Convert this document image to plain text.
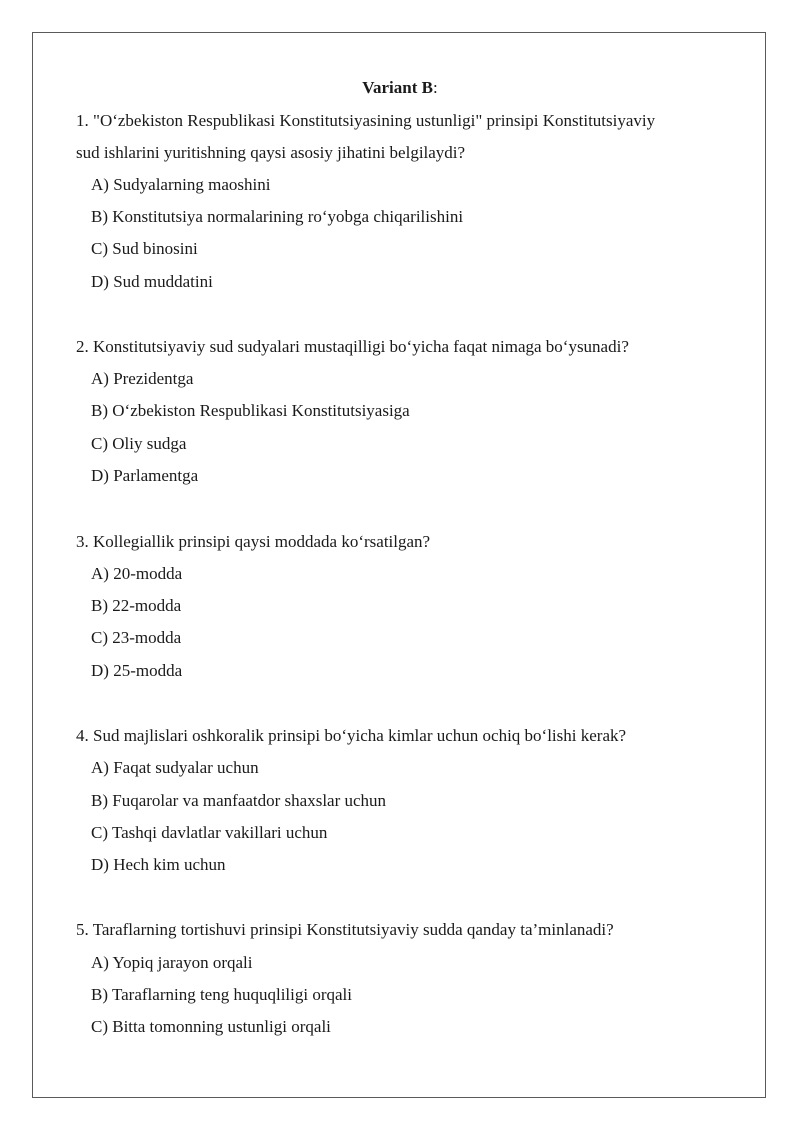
Variant B:
1. "O‘zbekiston Respublikasi Konstitutsiyasining ustunligi" prinsipi Konstitutsiyaviy
sud ishlarini yuritishning qaysi asosiy jihatini belgilaydi?
A) Sudyalarning maoshini
B) Konstitutsiya normalarining ro‘yobga chiqarilishini
C) Sud binosini
D) Sud muddatini
2. Konstitutsiyaviy sud sudyalari mustaqilligi bo‘yicha faqat nimaga bo‘ysunadi?
A) Prezidentga
B) O‘zbekiston Respublikasi Konstitutsiyasiga
C) Oliy sudga
D) Parlamentga
3. Kollegiallik prinsipi qaysi moddada ko‘rsatilgan?
A) 20-modda
B) 22-modda
C) 23-modda
D) 25-modda
4. Sud majlislari oshkoralik prinsipi bo‘yicha kimlar uchun ochiq bo‘lishi kerak?
A) Faqat sudyalar uchun
B) Fuqarolar va manfaatdor shaxslar uchun
C) Tashqi davlatlar vakillari uchun
D) Hech kim uchun
5. Taraflarning tortishuvi prinsipi Konstitutsiyaviy sudda qanday ta’minlanadi?
A) Yopiq jarayon orqali
B) Taraflarning teng huquqliligi orqali
C) Bitta tomonning ustunligi orqali
